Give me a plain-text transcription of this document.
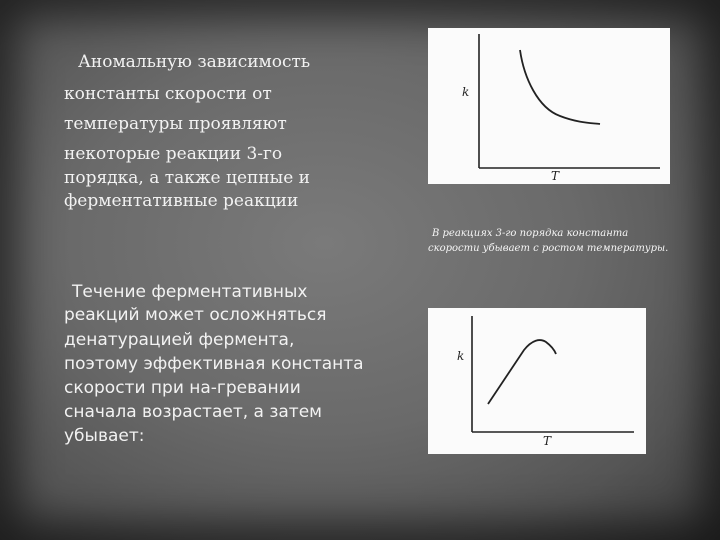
Аномальную зависимость
константы скорости от
температуры проявляют
некоторые реакции 3-го
порядка, а также цепные и
ферментативные реакции
Течение ферментативных
реакций может осложняться
денатурацией фермента,
поэтому эффективная константа
скорости при на-гревании
сначала возрастает, а затем
убывает:
k
T
В реакциях 3-го порядка константа
скорости убывает с ростом температуры.
k
T
